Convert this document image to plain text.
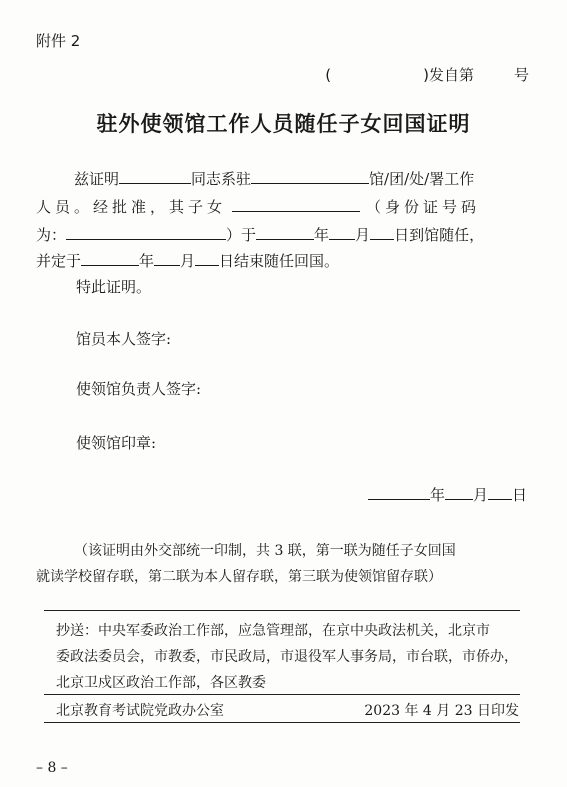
附件 2
(	)发自第	号
驻外使领馆工作人员随任子女回国证明
兹证明	同志系驻	馆/团/处/署工作
人员。经批准，其子女	（身份证号码
为：	）于	年 月 日到馆随任，
并定于	年 月 日结束随任回国。
特此证明。
馆员本人签字:
使领馆负责人签字:
使领馆印章:
年 月 日
（该证明由外交部统一印制，共 3 联，第一联为随任子女回国
就读学校留存联，第二联为本人留存联，第三联为使领馆留存联）
抄送：中央军委政治工作部，应急管理部，在京中央政法机关，北京市
委政法委员会，市教委，市民政局，市退役军人事务局，市台联，市侨办，
北京卫戍区政治工作部，各区教委
北京教育考试院党政办公室	2023 年 4 月 23 日印发
– 8 –
